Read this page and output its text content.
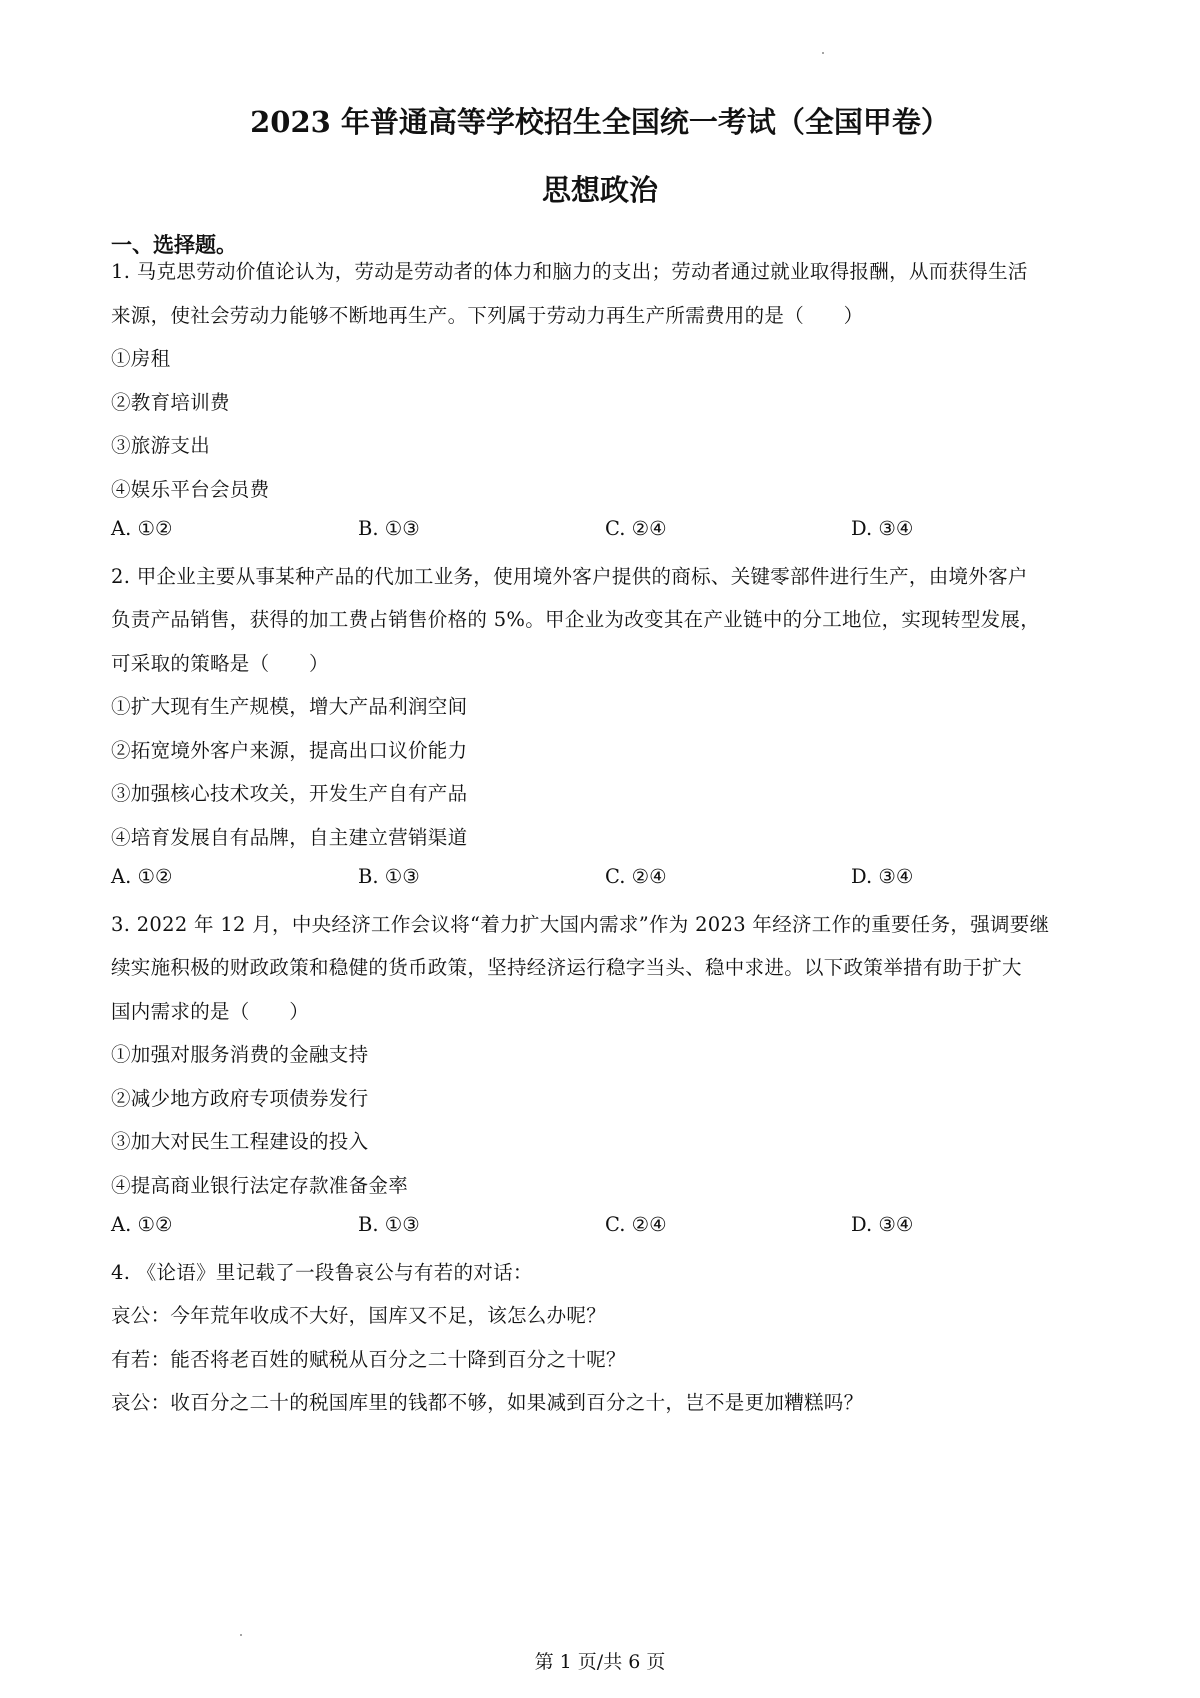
2023 年普通高等学校招生全国统一考试（全国甲卷）
思想政治
一、选择题。
1. 马克思劳动价值论认为，劳动是劳动者的体力和脑力的支出；劳动者通过就业取得报酬，从而获得生活
来源，使社会劳动力能够不断地再生产。下列属于劳动力再生产所需费用的是（　　）
①房租
②教育培训费
③旅游支出
④娱乐平台会员费
A. ①②	B. ①③	C. ②④	D. ③④
2. 甲企业主要从事某种产品的代加工业务，使用境外客户提供的商标、关键零部件进行生产，由境外客户
负责产品销售，获得的加工费占销售价格的 5%。甲企业为改变其在产业链中的分工地位，实现转型发展，
可采取的策略是（　　）
①扩大现有生产规模，增大产品利润空间
②拓宽境外客户来源，提高出口议价能力
③加强核心技术攻关，开发生产自有产品
④培育发展自有品牌，自主建立营销渠道
A. ①②	B. ①③	C. ②④	D. ③④
3. 2022 年 12 月，中央经济工作会议将“着力扩大国内需求”作为 2023 年经济工作的重要任务，强调要继
续实施积极的财政政策和稳健的货币政策，坚持经济运行稳字当头、稳中求进。以下政策举措有助于扩大
国内需求的是（　　）
①加强对服务消费的金融支持
②减少地方政府专项债券发行
③加大对民生工程建设的投入
④提高商业银行法定存款准备金率
A. ①②	B. ①③	C. ②④	D. ③④
4. 《论语》里记载了一段鲁哀公与有若的对话：
哀公：今年荒年收成不大好，国库又不足，该怎么办呢？
有若：能否将老百姓的赋税从百分之二十降到百分之十呢？
哀公：收百分之二十的税国库里的钱都不够，如果减到百分之十，岂不是更加糟糕吗？
第 1 页/共 6 页
